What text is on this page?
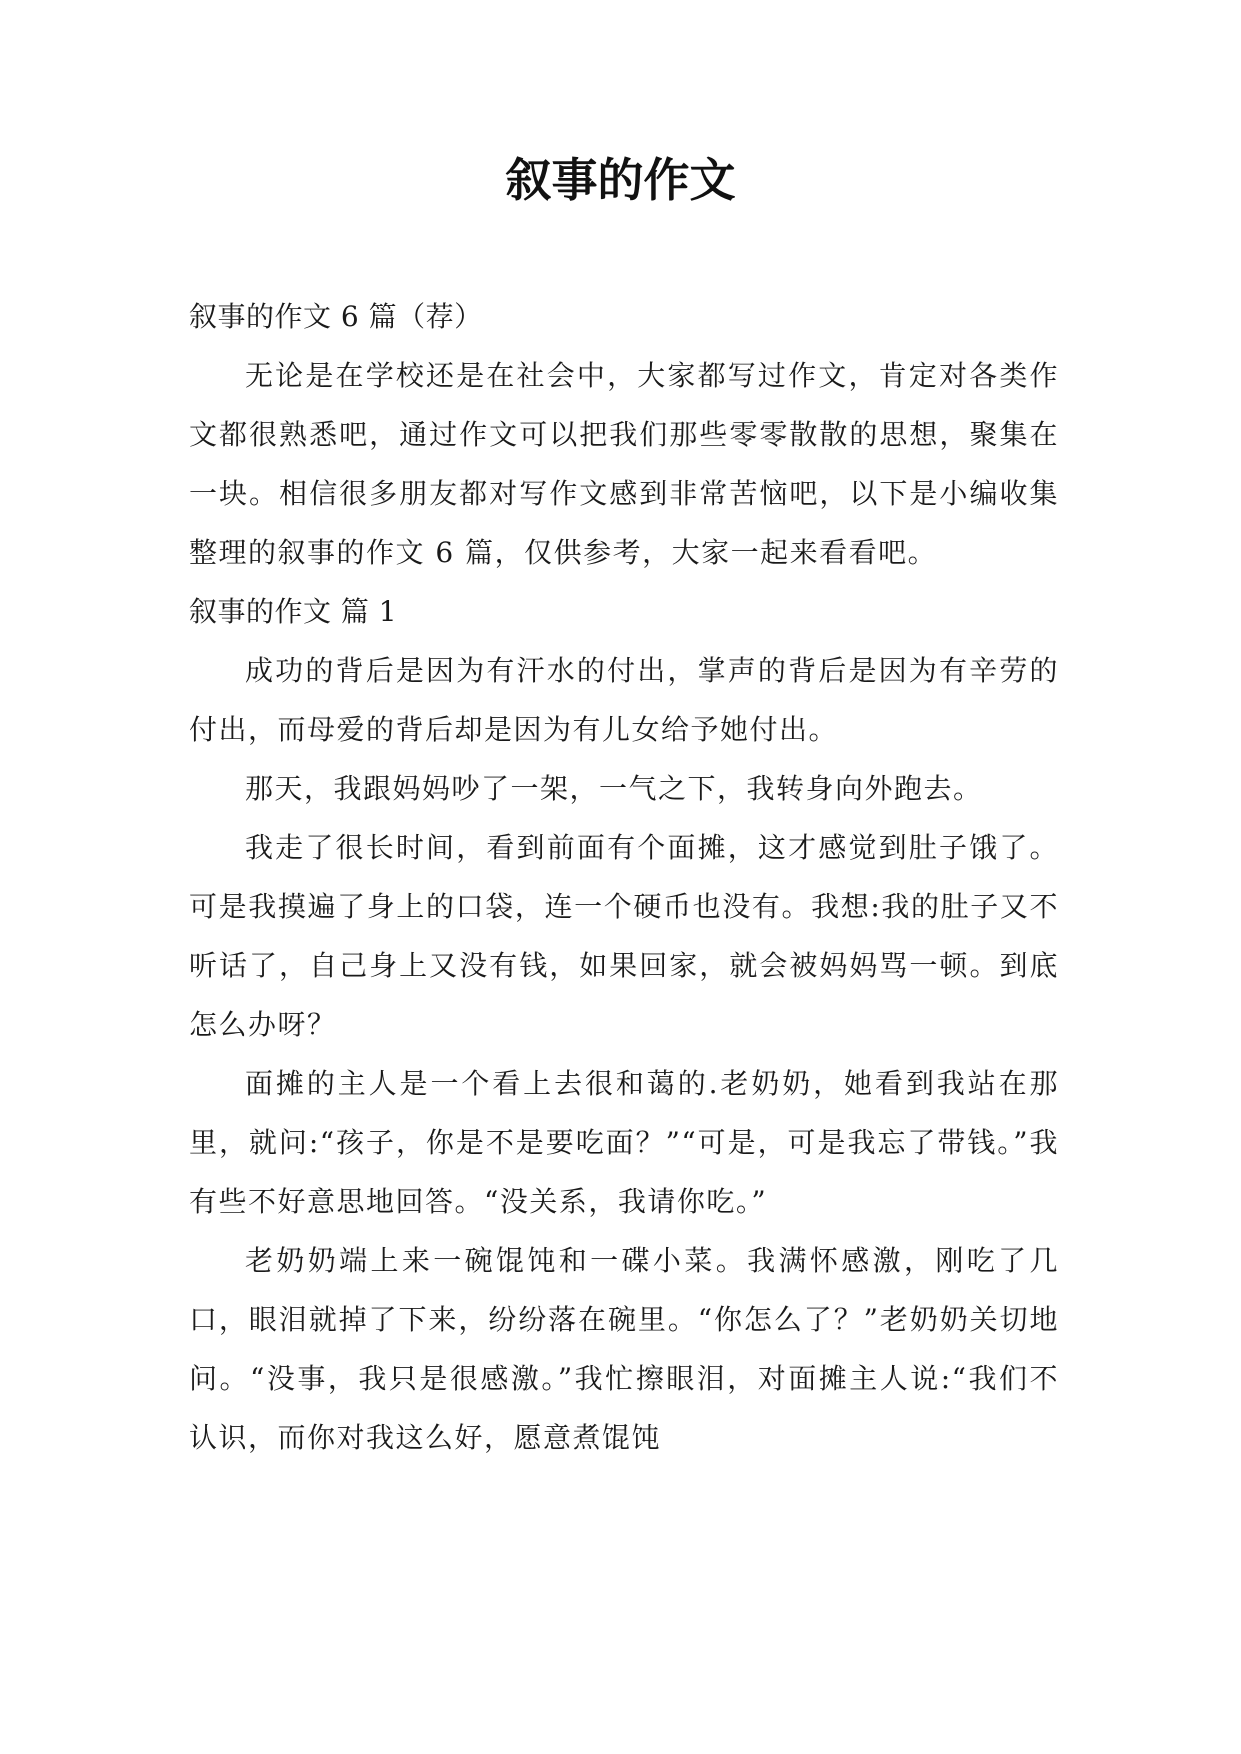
叙事的作文

叙事的作文 6 篇（荐）

无论是在学校还是在社会中，大家都写过作文，肯定对各类作文都很熟悉吧，通过作文可以把我们那些零零散散的思想，聚集在一块。相信很多朋友都对写作文感到非常苦恼吧，以下是小编收集整理的叙事的作文 6 篇，仅供参考，大家一起来看看吧。

叙事的作文 篇 1

成功的背后是因为有汗水的付出，掌声的背后是因为有辛劳的付出，而母爱的背后却是因为有儿女给予她付出。

那天，我跟妈妈吵了一架，一气之下，我转身向外跑去。

我走了很长时间，看到前面有个面摊，这才感觉到肚子饿了。可是我摸遍了身上的口袋，连一个硬币也没有。我想:我的肚子又不听话了，自己身上又没有钱，如果回家，就会被妈妈骂一顿。到底怎么办呀？

面摊的主人是一个看上去很和蔼的.老奶奶，她看到我站在那里，就问:“孩子，你是不是要吃面？”“可是，可是我忘了带钱。”我有些不好意思地回答。“没关系，我请你吃。”

老奶奶端上来一碗馄饨和一碟小菜。我满怀感激，刚吃了几口，眼泪就掉了下来，纷纷落在碗里。“你怎么了？”老奶奶关切地问。“没事，我只是很感激。”我忙擦眼泪，对面摊主人说:“我们不认识，而你对我这么好，愿意煮馄饨
